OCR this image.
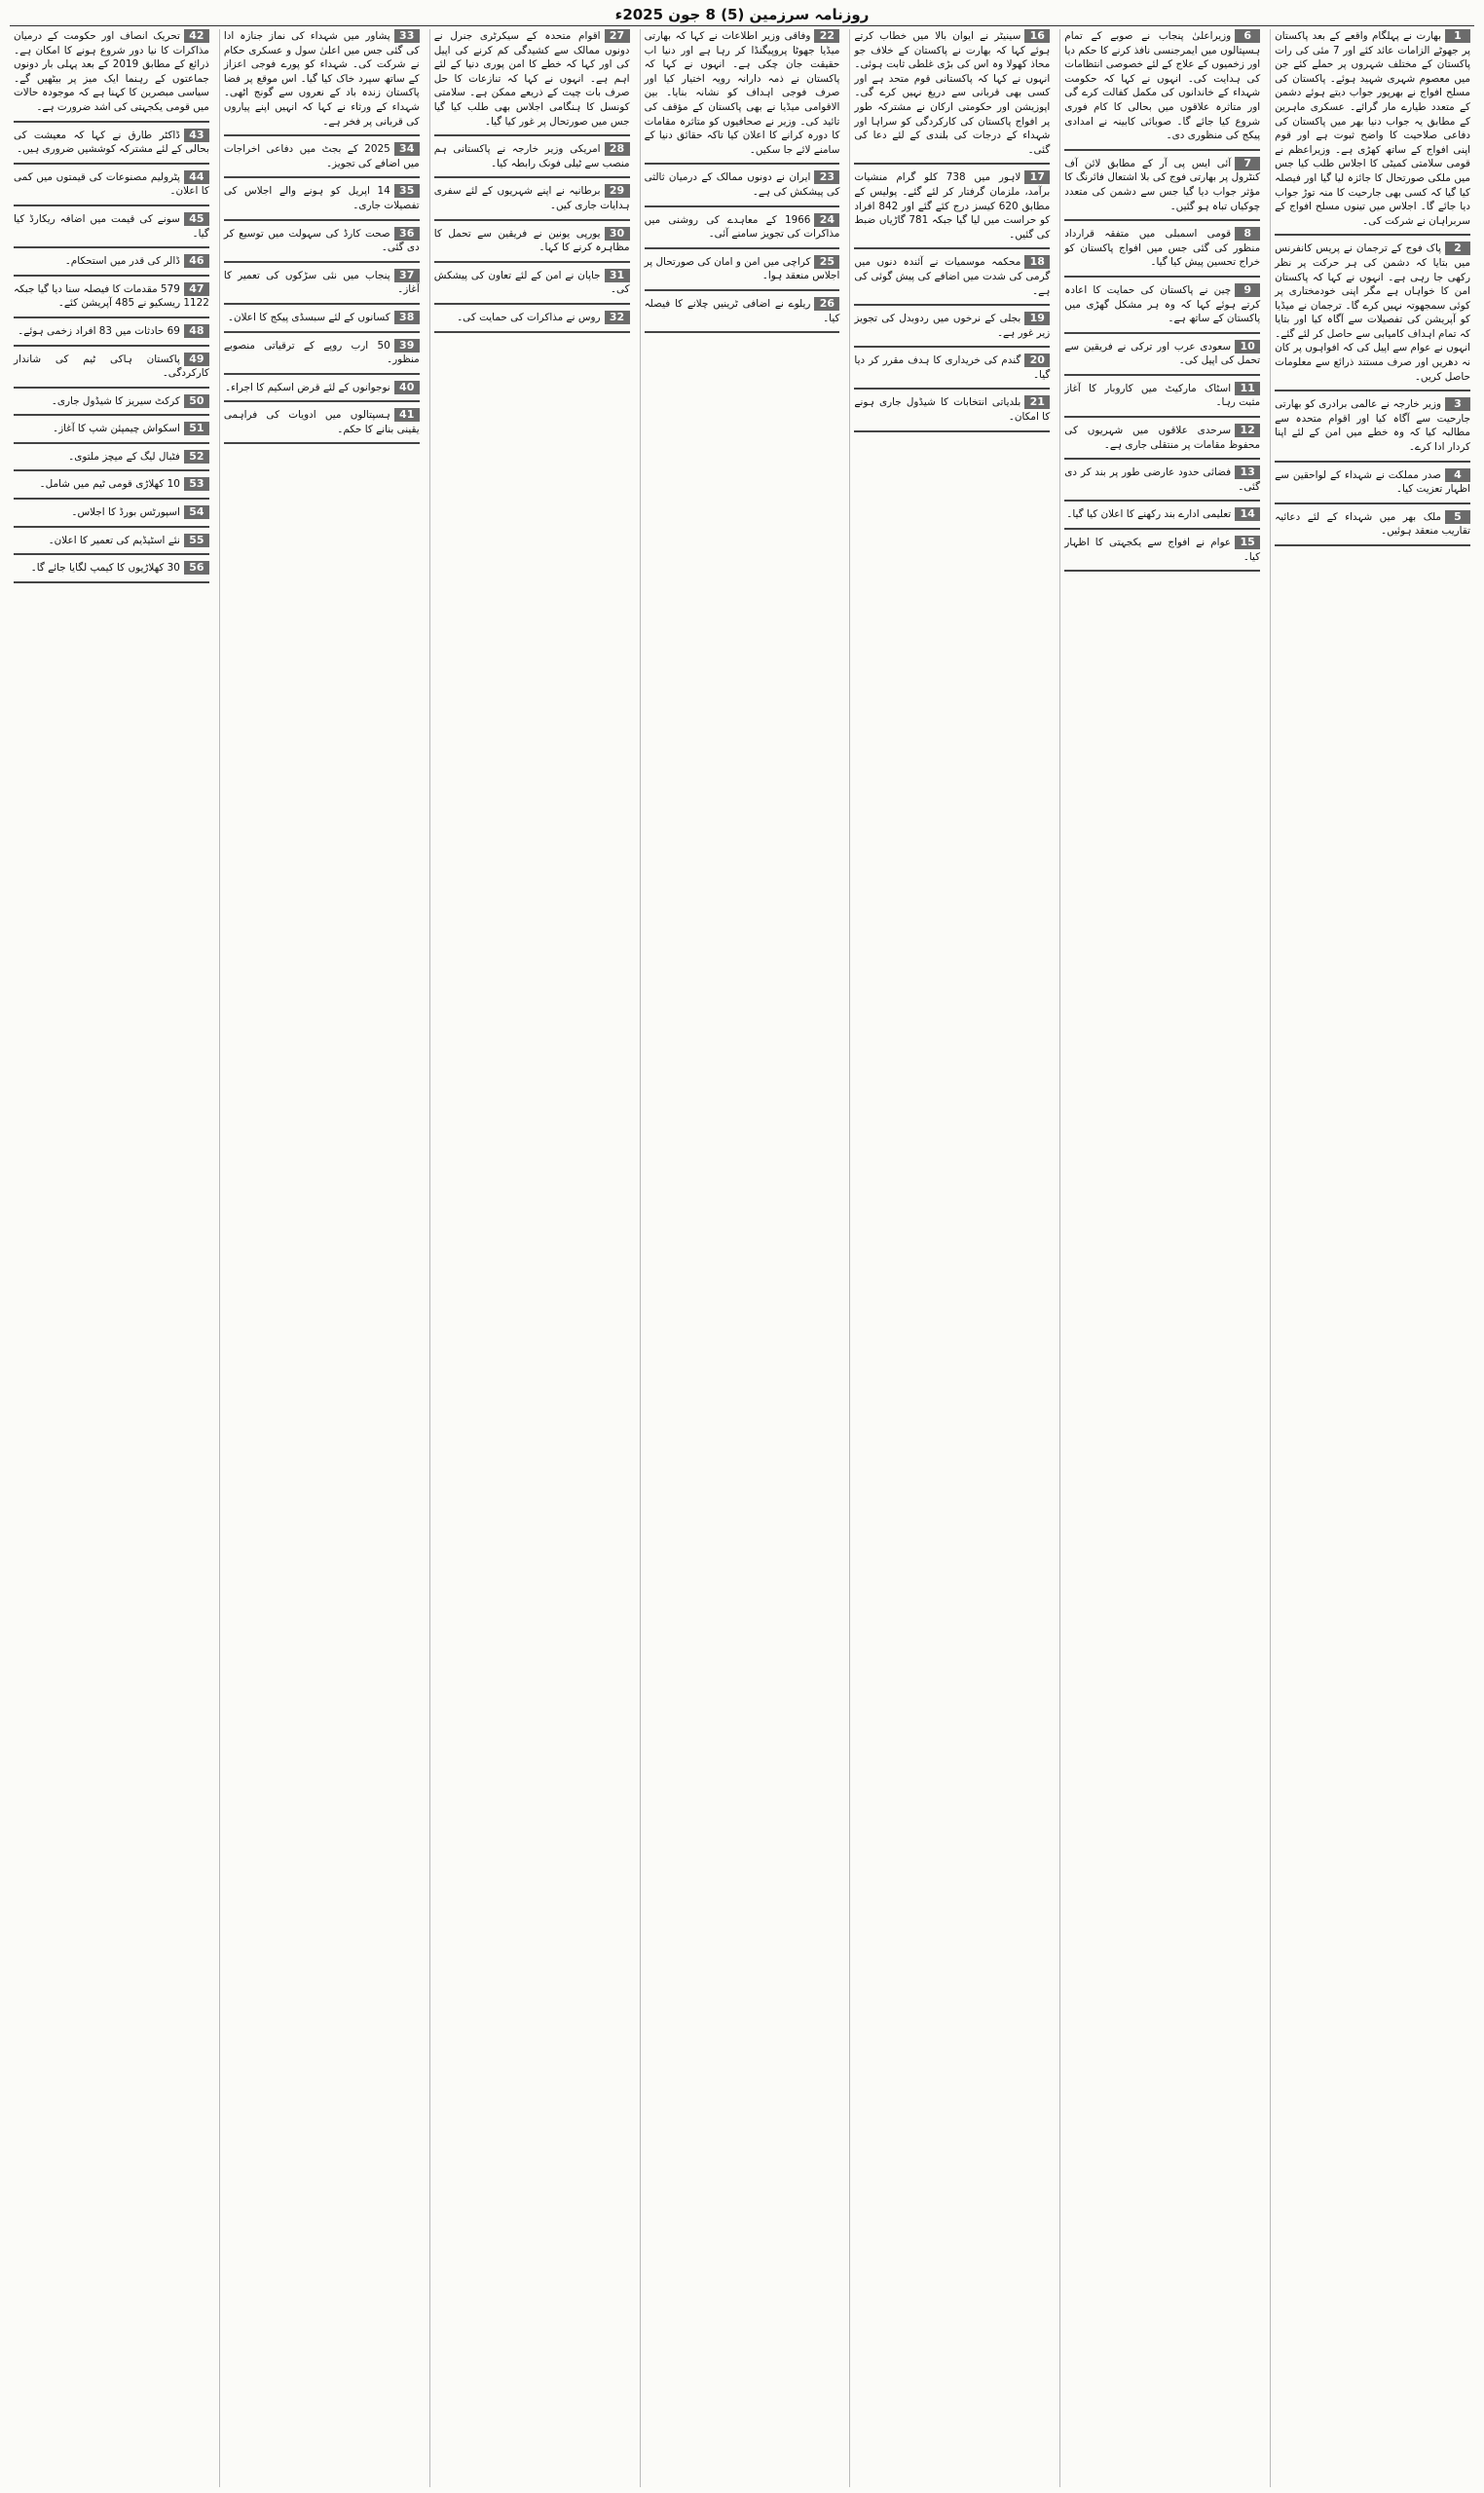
روزنامہ سرزمین (5) 8 جون 2025ء
1بھارت نے پہلگام واقعے کے بعد پاکستان پر جھوٹے الزامات عائد کئے اور 7 مئی کی رات پاکستان کے مختلف شہروں پر حملے کئے جن میں معصوم شہری شہید ہوئے۔ پاکستان کی مسلح افواج نے بھرپور جواب دیتے ہوئے دشمن کے متعدد طیارے مار گرائے۔ عسکری ماہرین کے مطابق یہ جواب دنیا بھر میں پاکستان کی دفاعی صلاحیت کا واضح ثبوت ہے اور قوم اپنی افواج کے ساتھ کھڑی ہے۔ وزیراعظم نے قومی سلامتی کمیٹی کا اجلاس طلب کیا جس میں ملکی صورتحال کا جائزہ لیا گیا اور فیصلہ کیا گیا کہ کسی بھی جارحیت کا منہ توڑ جواب دیا جائے گا۔ اجلاس میں تینوں مسلح افواج کے سربراہان نے شرکت کی۔
2پاک فوج کے ترجمان نے پریس کانفرنس میں بتایا کہ دشمن کی ہر حرکت پر نظر رکھی جا رہی ہے۔ انہوں نے کہا کہ پاکستان امن کا خواہاں ہے مگر اپنی خودمختاری پر کوئی سمجھوتہ نہیں کرے گا۔ ترجمان نے میڈیا کو آپریشن کی تفصیلات سے آگاہ کیا اور بتایا کہ تمام اہداف کامیابی سے حاصل کر لئے گئے۔ انہوں نے عوام سے اپیل کی کہ افواہوں پر کان نہ دھریں اور صرف مستند ذرائع سے معلومات حاصل کریں۔
3وزیر خارجہ نے عالمی برادری کو بھارتی جارحیت سے آگاہ کیا اور اقوام متحدہ سے مطالبہ کیا کہ وہ خطے میں امن کے لئے اپنا کردار ادا کرے۔
4صدر مملکت نے شہداء کے لواحقین سے اظہار تعزیت کیا۔
5ملک بھر میں شہداء کے لئے دعائیہ تقاریب منعقد ہوئیں۔
6وزیراعلیٰ پنجاب نے صوبے کے تمام ہسپتالوں میں ایمرجنسی نافذ کرنے کا حکم دیا اور زخمیوں کے علاج کے لئے خصوصی انتظامات کی ہدایت کی۔ انہوں نے کہا کہ حکومت شہداء کے خاندانوں کی مکمل کفالت کرے گی اور متاثرہ علاقوں میں بحالی کا کام فوری شروع کیا جائے گا۔ صوبائی کابینہ نے امدادی پیکج کی منظوری دی۔
7آئی ایس پی آر کے مطابق لائن آف کنٹرول پر بھارتی فوج کی بلا اشتعال فائرنگ کا مؤثر جواب دیا گیا جس سے دشمن کی متعدد چوکیاں تباہ ہو گئیں۔
8قومی اسمبلی میں متفقہ قرارداد منظور کی گئی جس میں افواج پاکستان کو خراج تحسین پیش کیا گیا۔
9چین نے پاکستان کی حمایت کا اعادہ کرتے ہوئے کہا کہ وہ ہر مشکل گھڑی میں پاکستان کے ساتھ ہے۔
10سعودی عرب اور ترکی نے فریقین سے تحمل کی اپیل کی۔
11اسٹاک مارکیٹ میں کاروبار کا آغاز مثبت رہا۔
12سرحدی علاقوں میں شہریوں کی محفوظ مقامات پر منتقلی جاری ہے۔
13فضائی حدود عارضی طور پر بند کر دی گئی۔
14تعلیمی ادارے بند رکھنے کا اعلان کیا گیا۔
15عوام نے افواج سے یکجہتی کا اظہار کیا۔
16سینیٹر نے ایوان بالا میں خطاب کرتے ہوئے کہا کہ بھارت نے پاکستان کے خلاف جو محاذ کھولا وہ اس کی بڑی غلطی ثابت ہوئی۔ انہوں نے کہا کہ پاکستانی قوم متحد ہے اور کسی بھی قربانی سے دریغ نہیں کرے گی۔ اپوزیشن اور حکومتی ارکان نے مشترکہ طور پر افواج پاکستان کی کارکردگی کو سراہا اور شہداء کے درجات کی بلندی کے لئے دعا کی گئی۔
17لاہور میں 738 کلو گرام منشیات برآمد، ملزمان گرفتار کر لئے گئے۔ پولیس کے مطابق 620 کیسز درج کئے گئے اور 842 افراد کو حراست میں لیا گیا جبکہ 781 گاڑیاں ضبط کی گئیں۔
18محکمہ موسمیات نے آئندہ دنوں میں گرمی کی شدت میں اضافے کی پیش گوئی کی ہے۔
19بجلی کے نرخوں میں ردوبدل کی تجویز زیر غور ہے۔
20گندم کی خریداری کا ہدف مقرر کر دیا گیا۔
21بلدیاتی انتخابات کا شیڈول جاری ہونے کا امکان۔
22وفاقی وزیر اطلاعات نے کہا کہ بھارتی میڈیا جھوٹا پروپیگنڈا کر رہا ہے اور دنیا اب حقیقت جان چکی ہے۔ انہوں نے کہا کہ پاکستان نے ذمہ دارانہ رویہ اختیار کیا اور صرف فوجی اہداف کو نشانہ بنایا۔ بین الاقوامی میڈیا نے بھی پاکستان کے مؤقف کی تائید کی۔ وزیر نے صحافیوں کو متاثرہ مقامات کا دورہ کرانے کا اعلان کیا تاکہ حقائق دنیا کے سامنے لائے جا سکیں۔
23ایران نے دونوں ممالک کے درمیان ثالثی کی پیشکش کی ہے۔
241966 کے معاہدے کی روشنی میں مذاکرات کی تجویز سامنے آئی۔
25کراچی میں امن و امان کی صورتحال پر اجلاس منعقد ہوا۔
26ریلوے نے اضافی ٹرینیں چلانے کا فیصلہ کیا۔
27اقوام متحدہ کے سیکرٹری جنرل نے دونوں ممالک سے کشیدگی کم کرنے کی اپیل کی اور کہا کہ خطے کا امن پوری دنیا کے لئے اہم ہے۔ انہوں نے کہا کہ تنازعات کا حل صرف بات چیت کے ذریعے ممکن ہے۔ سلامتی کونسل کا ہنگامی اجلاس بھی طلب کیا گیا جس میں صورتحال پر غور کیا گیا۔
28امریکی وزیر خارجہ نے پاکستانی ہم منصب سے ٹیلی فونک رابطہ کیا۔
29برطانیہ نے اپنے شہریوں کے لئے سفری ہدایات جاری کیں۔
30یورپی یونین نے فریقین سے تحمل کا مظاہرہ کرنے کا کہا۔
31جاپان نے امن کے لئے تعاون کی پیشکش کی۔
32روس نے مذاکرات کی حمایت کی۔
33پشاور میں شہداء کی نماز جنازہ ادا کی گئی جس میں اعلیٰ سول و عسکری حکام نے شرکت کی۔ شہداء کو پورے فوجی اعزاز کے ساتھ سپرد خاک کیا گیا۔ اس موقع پر فضا پاکستان زندہ باد کے نعروں سے گونج اٹھی۔ شہداء کے ورثاء نے کہا کہ انہیں اپنے پیاروں کی قربانی پر فخر ہے۔
342025 کے بجٹ میں دفاعی اخراجات میں اضافے کی تجویز۔
3514 اپریل کو ہونے والے اجلاس کی تفصیلات جاری۔
36صحت کارڈ کی سہولت میں توسیع کر دی گئی۔
37پنجاب میں نئی سڑکوں کی تعمیر کا آغاز۔
38کسانوں کے لئے سبسڈی پیکج کا اعلان۔
3950 ارب روپے کے ترقیاتی منصوبے منظور۔
40نوجوانوں کے لئے قرض اسکیم کا اجراء۔
41ہسپتالوں میں ادویات کی فراہمی یقینی بنانے کا حکم۔
42تحریک انصاف اور حکومت کے درمیان مذاکرات کا نیا دور شروع ہونے کا امکان ہے۔ ذرائع کے مطابق 2019 کے بعد پہلی بار دونوں جماعتوں کے رہنما ایک میز پر بیٹھیں گے۔ سیاسی مبصرین کا کہنا ہے کہ موجودہ حالات میں قومی یکجہتی کی اشد ضرورت ہے۔
43ڈاکٹر طارق نے کہا کہ معیشت کی بحالی کے لئے مشترکہ کوششیں ضروری ہیں۔
44پٹرولیم مصنوعات کی قیمتوں میں کمی کا اعلان۔
45سونے کی قیمت میں اضافہ ریکارڈ کیا گیا۔
46ڈالر کی قدر میں استحکام۔
47579 مقدمات کا فیصلہ سنا دیا گیا جبکہ 1122 ریسکیو نے 485 آپریشن کئے۔
4869 حادثات میں 83 افراد زخمی ہوئے۔
49پاکستان ہاکی ٹیم کی شاندار کارکردگی۔
50کرکٹ سیریز کا شیڈول جاری۔
51اسکواش چیمپئن شپ کا آغاز۔
52فٹبال لیگ کے میچز ملتوی۔
5310 کھلاڑی قومی ٹیم میں شامل۔
54اسپورٹس بورڈ کا اجلاس۔
55نئے اسٹیڈیم کی تعمیر کا اعلان۔
5630 کھلاڑیوں کا کیمپ لگایا جائے گا۔
